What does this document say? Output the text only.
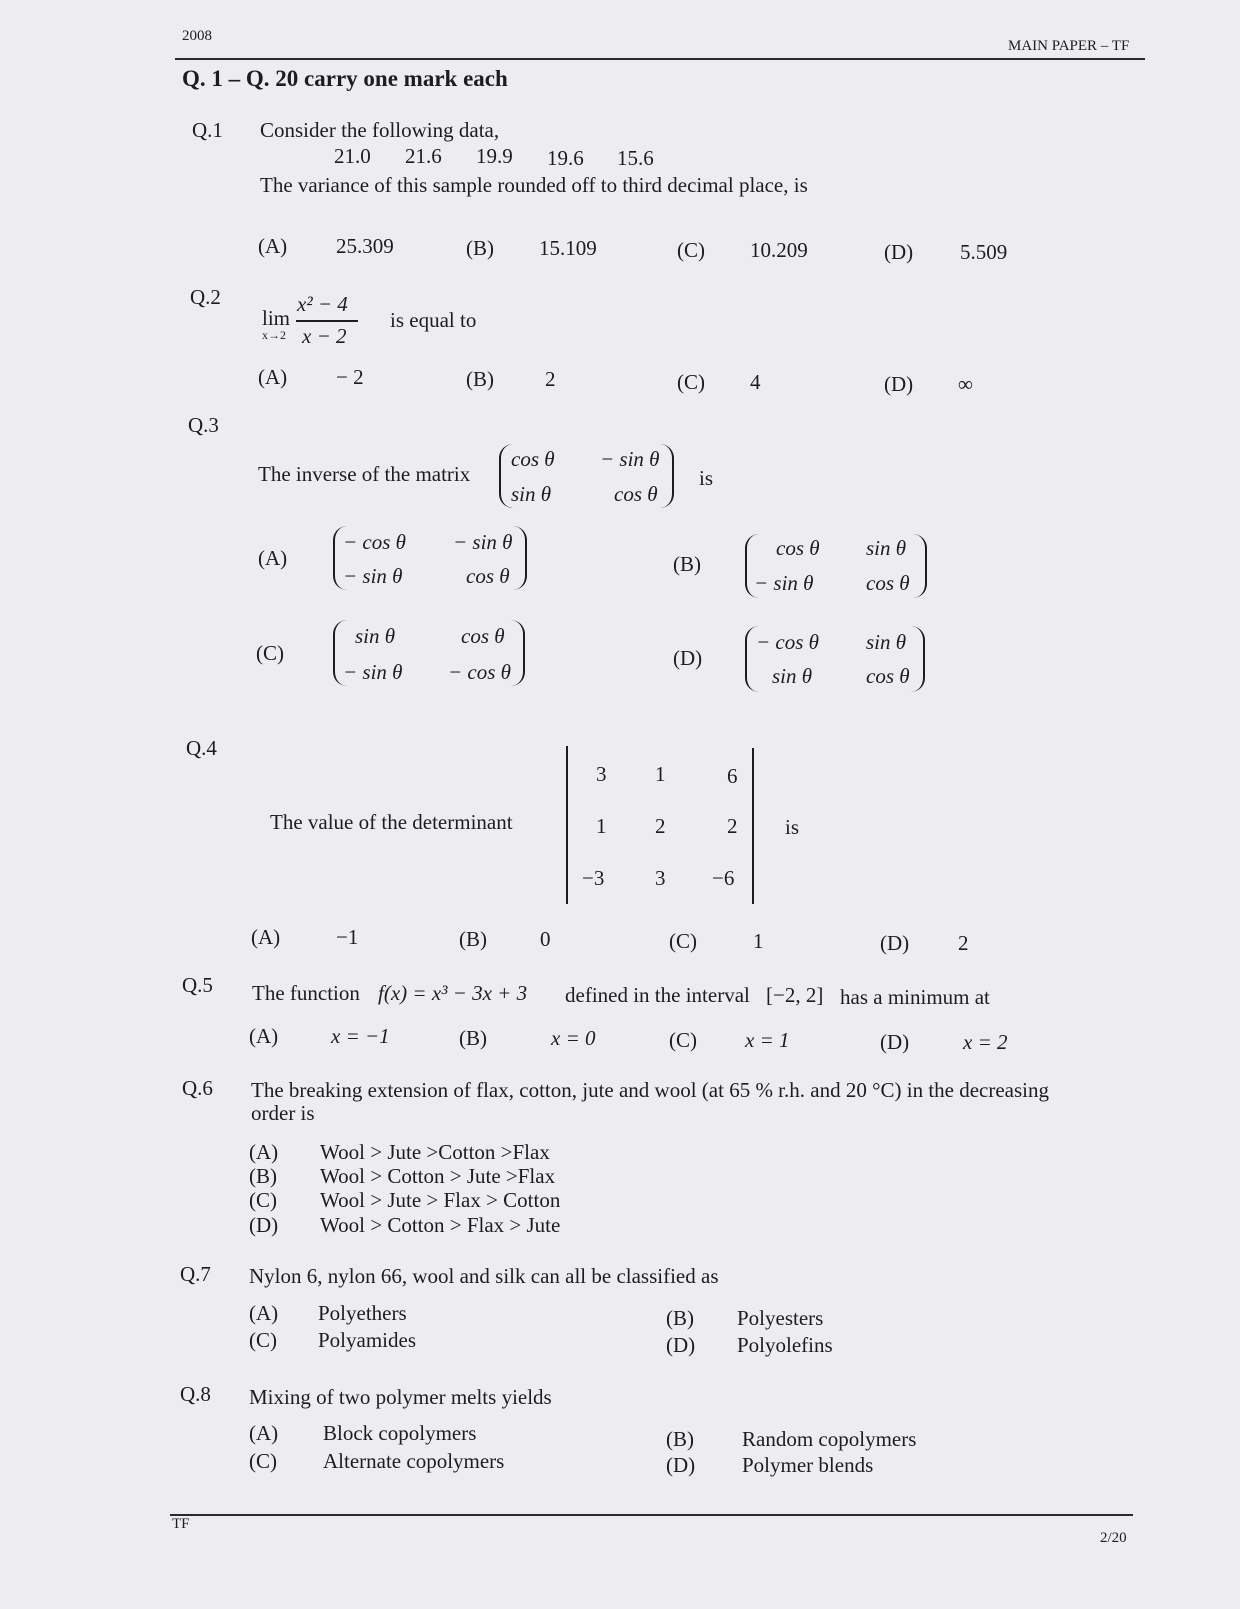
2008
MAIN PAPER – TF
Q. 1 – Q. 20 carry one mark each
Q.1 Consider the following data,
21.0 21.6 19.9 19.6 15.6
The variance of this sample rounded off to third decimal place, is
(A) 25.309	(B) 15.109	(C) 10.209	(D) 5.509
Q.2
lim
x→2
x² − 4
x − 2
is equal to
(A) − 2	(B) 2	(C) 4	(D) ∞
Q.3
The inverse of the matrix
cos θ − sin θ
sin θ	cos θ
is
(A)
− cos θ − sin θ
− sin θ	cos θ	(B)
cos θ sin θ
− sin θ	cos θ
(C)
sin θ	cos θ
− sin θ − cos θ
(D)
− cos θ sin θ
sin θ	cos θ
Q.4
The value of the determinant
3 1	6
1 2	2
−3 3 −6
is
(A)	−1	(B)	0	(C)	1	(D) 2
Q.5 The function f(x) = x³ − 3x + 3 defined in the interval [−2, 2] has a minimum at
(A)	x = −1	(B)	x = 0	(C) x = 1	(D)	x = 2
Q.6 The breaking extension of flax, cotton, jute and wool (at 65 % r.h. and 20 °C) in the decreasing
order is
(A) Wool > Jute >Cotton >Flax
(B) Wool > Cotton > Jute >Flax
(C) Wool > Jute > Flax > Cotton
(D) Wool > Cotton > Flax > Jute
Q.7 Nylon 6, nylon 66, wool and silk can all be classified as
(A) Polyethers	(B) Polyesters
(C) Polyamides	(D) Polyolefins
Q.8 Mixing of two polymer melts yields
(A) Block copolymers	(B) Random copolymers
(C) Alternate copolymers	(D) Polymer blends
TF
2/20
